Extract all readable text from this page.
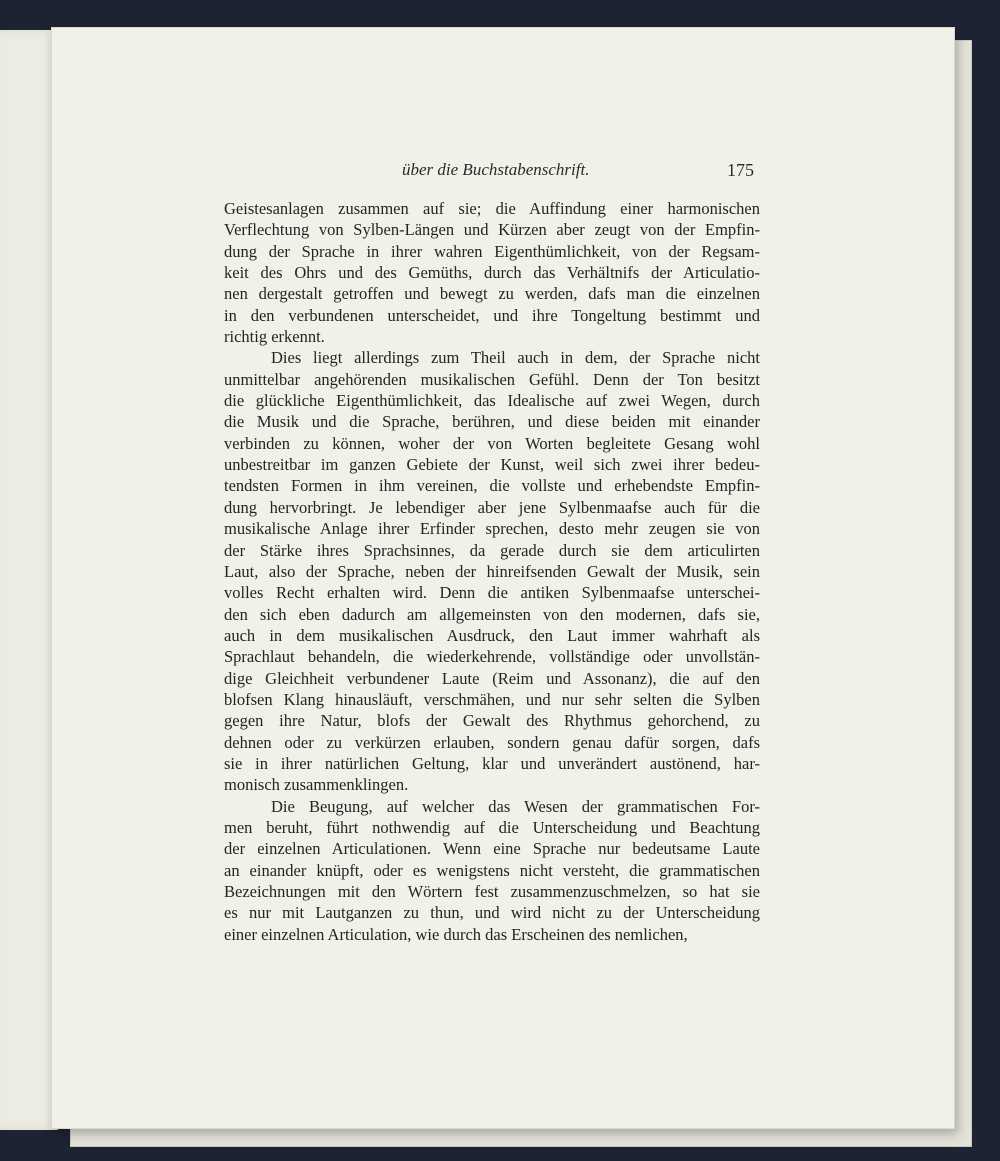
über die Buchstabenschrift.	175
Geistesanlagen zusammen auf sie; die Auffindung einer harmonischen
Verflechtung von Sylben-Längen und Kürzen aber zeugt von der Empfin-
dung der Sprache in ihrer wahren Eigenthümlichkeit, von der Regsam-
keit des Ohrs und des Gemüths, durch das Verhältnifs der Articulatio-
nen dergestalt getroffen und bewegt zu werden, dafs man die einzelnen
in den verbundenen unterscheidet, und ihre Tongeltung bestimmt und
richtig erkennt.
Dies liegt allerdings zum Theil auch in dem, der Sprache nicht
unmittelbar angehörenden musikalischen Gefühl. Denn der Ton besitzt
die glückliche Eigenthümlichkeit, das Idealische auf zwei Wegen, durch
die Musik und die Sprache, berühren, und diese beiden mit einander
verbinden zu können, woher der von Worten begleitete Gesang wohl
unbestreitbar im ganzen Gebiete der Kunst, weil sich zwei ihrer bedeu-
tendsten Formen in ihm vereinen, die vollste und erhebendste Empfin-
dung hervorbringt. Je lebendiger aber jene Sylbenmaafse auch für die
musikalische Anlage ihrer Erfinder sprechen, desto mehr zeugen sie von
der Stärke ihres Sprachsinnes, da gerade durch sie dem articulirten
Laut, also der Sprache, neben der hinreifsenden Gewalt der Musik, sein
volles Recht erhalten wird. Denn die antiken Sylbenmaafse unterschei-
den sich eben dadurch am allgemeinsten von den modernen, dafs sie,
auch in dem musikalischen Ausdruck, den Laut immer wahrhaft als
Sprachlaut behandeln, die wiederkehrende, vollständige oder unvollstän-
dige Gleichheit verbundener Laute (Reim und Assonanz), die auf den
blofsen Klang hinausläuft, verschmähen, und nur sehr selten die Sylben
gegen ihre Natur, blofs der Gewalt des Rhythmus gehorchend, zu
dehnen oder zu verkürzen erlauben, sondern genau dafür sorgen, dafs
sie in ihrer natürlichen Geltung, klar und unverändert austönend, har-
monisch zusammenklingen.
Die Beugung, auf welcher das Wesen der grammatischen For-
men beruht, führt nothwendig auf die Unterscheidung und Beachtung
der einzelnen Articulationen. Wenn eine Sprache nur bedeutsame Laute
an einander knüpft, oder es wenigstens nicht versteht, die grammatischen
Bezeichnungen mit den Wörtern fest zusammenzuschmelzen, so hat sie
es nur mit Lautganzen zu thun, und wird nicht zu der Unterscheidung
einer einzelnen Articulation, wie durch das Erscheinen des nemlichen,
